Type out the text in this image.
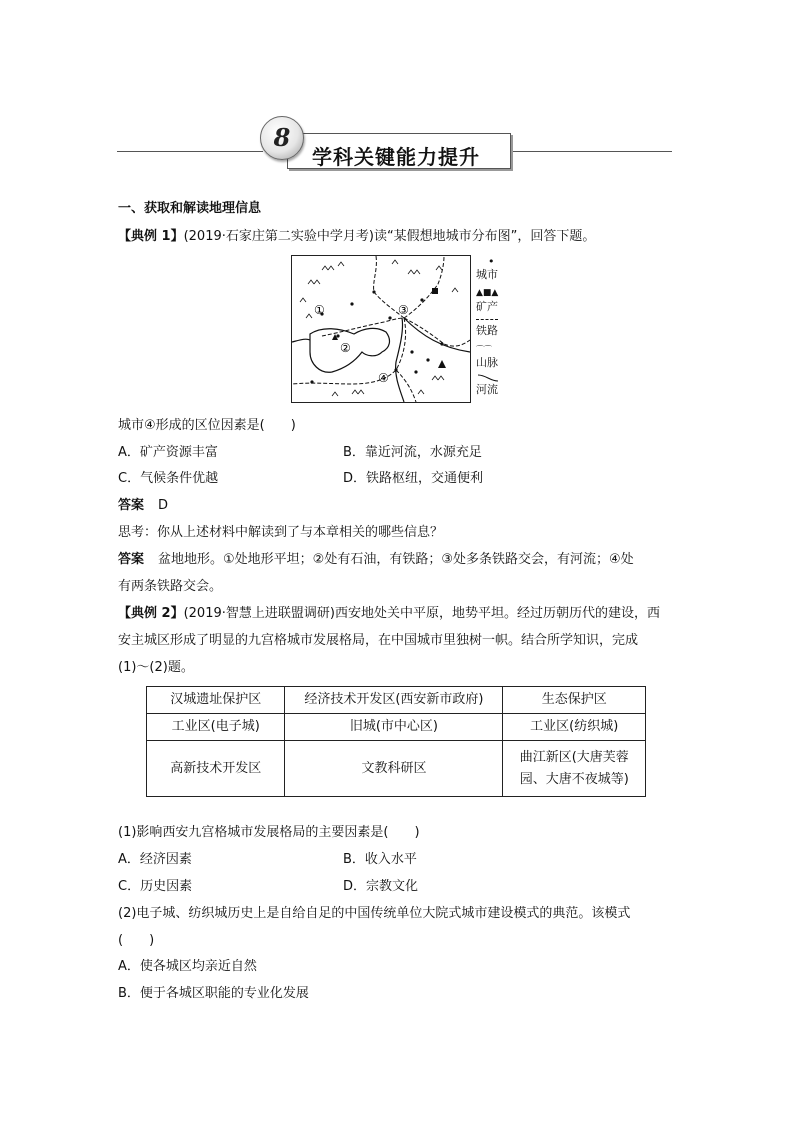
8
学科关键能力提升
一、获取和解读地理信息
【典例 1】(2019·石家庄第二实验中学月考)读“某假想地城市分布图”，回答下题。
①
②
③
④
•
城市
▲■▲
矿产
铁路
⌒⌒
山脉
河流
城市④形成的区位因素是(　　)
A．矿产资源丰富	B．靠近河流，水源充足
C．气候条件优越	D．铁路枢纽，交通便利
答案 D
思考：你从上述材料中解读到了与本章相关的哪些信息？
答案 盆地地形。①处地形平坦；②处有石油，有铁路；③处多条铁路交会，有河流；④处
有两条铁路交会。
【典例 2】(2019·智慧上进联盟调研)西安地处关中平原，地势平坦。经过历朝历代的建设，西
安主城区形成了明显的九宫格城市发展格局，在中国城市里独树一帜。结合所学知识，完成
(1)～(2)题。
汉城遗址保护区	经济技术开发区(西安新市政府)	生态保护区
工业区(电子城)	旧城(市中心区)	工业区(纺织城)
高新技术开发区	文教科研区	曲江新区(大唐芙蓉园、大唐不夜城等)
(1)影响西安九宫格城市发展格局的主要因素是(　　)
A．经济因素	B．收入水平
C．历史因素	D．宗教文化
(2)电子城、纺织城历史上是自给自足的中国传统单位大院式城市建设模式的典范。该模式
(　　)
A．使各城区均亲近自然
B．便于各城区职能的专业化发展
